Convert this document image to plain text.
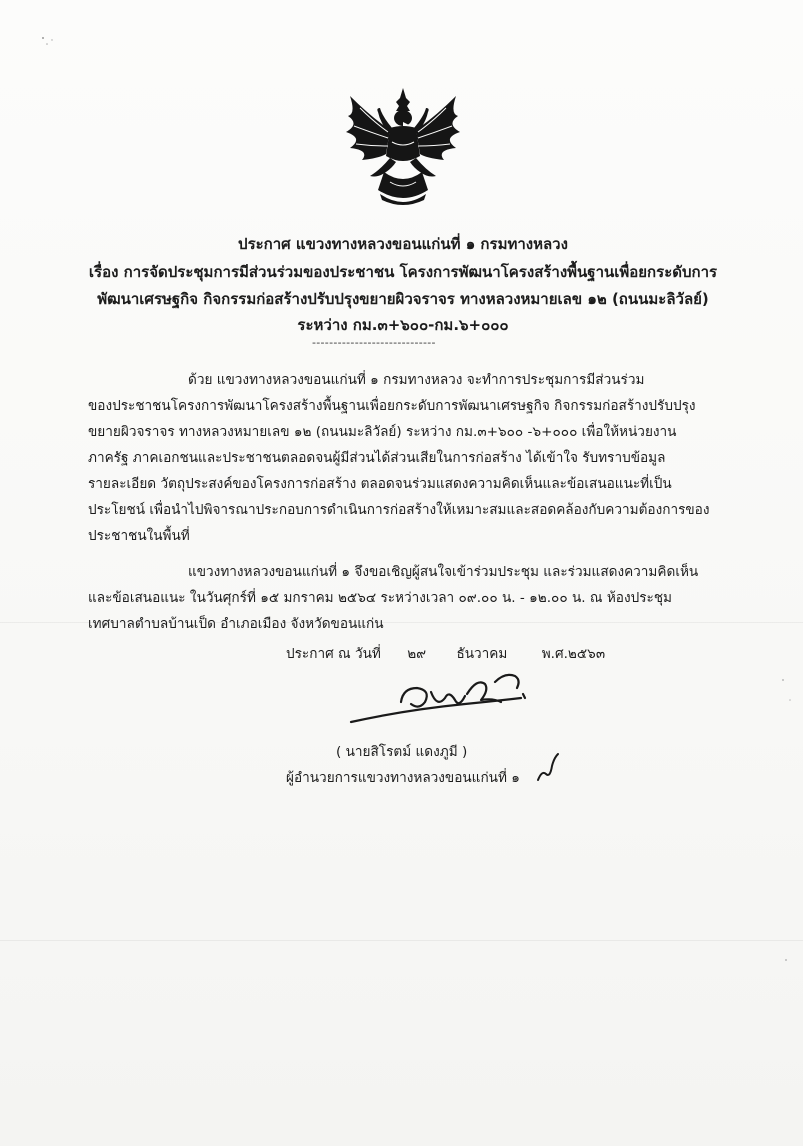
ประกาศ แขวงทางหลวงขอนแก่นที่ ๑ กรมทางหลวง
เรื่อง การจัดประชุมการมีส่วนร่วมของประชาชน โครงการพัฒนาโครงสร้างพื้นฐานเพื่อยกระดับการ
พัฒนาเศรษฐกิจ กิจกรรมก่อสร้างปรับปรุงขยายผิวจราจร ทางหลวงหมายเลข ๑๒ (ถนนมะลิวัลย์)
ระหว่าง กม.๓+๖๐๐-กม.๖+๐๐๐
-----------------------------
ด้วย แขวงทางหลวงขอนแก่นที่ ๑ กรมทางหลวง จะทำการประชุมการมีส่วนร่วม
ของประชาชนโครงการพัฒนาโครงสร้างพื้นฐานเพื่อยกระดับการพัฒนาเศรษฐกิจ กิจกรรมก่อสร้างปรับปรุง
ขยายผิวจราจร ทางหลวงหมายเลข ๑๒ (ถนนมะลิวัลย์) ระหว่าง กม.๓+๖๐๐ -๖+๐๐๐ เพื่อให้หน่วยงาน
ภาครัฐ ภาคเอกชนและประชาชนตลอดจนผู้มีส่วนได้ส่วนเสียในการก่อสร้าง ได้เข้าใจ รับทราบข้อมูล
รายละเอียด วัตถุประสงค์ของโครงการก่อสร้าง ตลอดจนร่วมแสดงความคิดเห็นและข้อเสนอแนะที่เป็น
ประโยชน์ เพื่อนำไปพิจารณาประกอบการดำเนินการก่อสร้างให้เหมาะสมและสอดคล้องกับความต้องการของ
ประชาชนในพื้นที่
แขวงทางหลวงขอนแก่นที่ ๑ จึงขอเชิญผู้สนใจเข้าร่วมประชุม และร่วมแสดงความคิดเห็น
และข้อเสนอแนะ ในวันศุกร์ที่ ๑๕ มกราคม ๒๕๖๔ ระหว่างเวลา ๐๙.๐๐ น. - ๑๒.๐๐ น. ณ ห้องประชุม
เทศบาลตำบลบ้านเป็ด อำเภอเมือง จังหวัดขอนแก่น
ประกาศ ณ วันที่ ๒๙ ธันวาคม	พ.ศ.๒๕๖๓
( นายสิโรตม์ แดงภูมี )
ผู้อำนวยการแขวงทางหลวงขอนแก่นที่ ๑
